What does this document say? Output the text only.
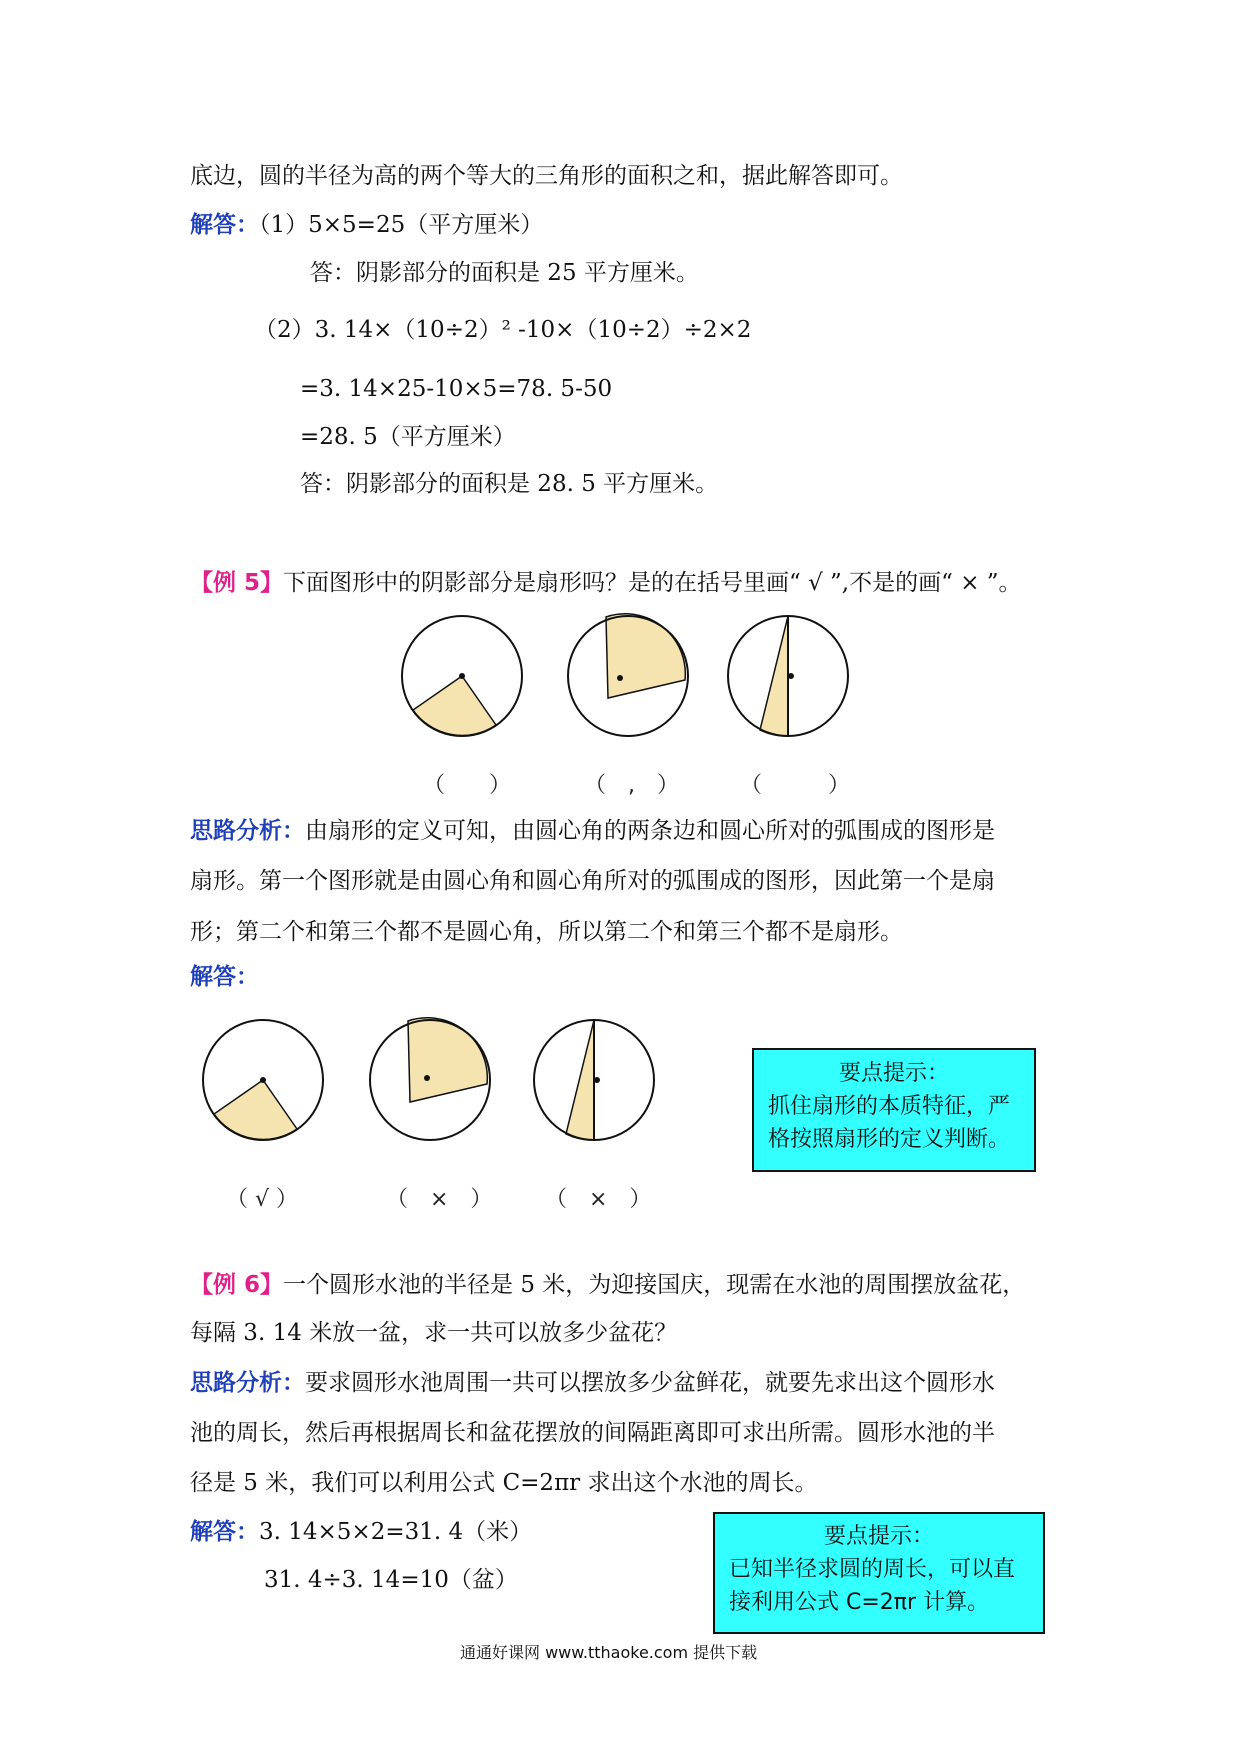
底边，圆的半径为高的两个等大的三角形的面积之和，据此解答即可。
解答：（1）5×5=25（平方厘米）
答：阴影部分的面积是 25 平方厘米。
（2）3. 14×（10÷2）² -10×（10÷2）÷2×2
=3. 14×25-10×5=78. 5-50
=28. 5（平方厘米）
答：阴影部分的面积是 28. 5 平方厘米。
【例 5】下面图形中的阴影部分是扇形吗？是的在括号里画“ √ ”,不是的画“ × ”。
（　　）	（　,　）	（　　　）
思路分析：由扇形的定义可知，由圆心角的两条边和圆心所对的弧围成的图形是
扇形。第一个图形就是由圆心角和圆心角所对的弧围成的图形，因此第一个是扇
形；第二个和第三个都不是圆心角，所以第二个和第三个都不是扇形。
解答：
（ √ ）	（　×　） （　×　）
要点提示：
抓住扇形的本质特征，严格按照扇形的定义判断。
【例 6】一个圆形水池的半径是 5 米，为迎接国庆，现需在水池的周围摆放盆花，
每隔 3. 14 米放一盆，求一共可以放多少盆花？
思路分析：要求圆形水池周围一共可以摆放多少盆鲜花，就要先求出这个圆形水
池的周长，然后再根据周长和盆花摆放的间隔距离即可求出所需。圆形水池的半
径是 5 米，我们可以利用公式 C=2πr 求出这个水池的周长。
解答：3. 14×5×2=31. 4（米）
31. 4÷3. 14=10（盆）
要点提示：
已知半径求圆的周长，可以直接利用公式 C=2πr 计算。
通通好课网 www.tthaoke.com 提供下载
